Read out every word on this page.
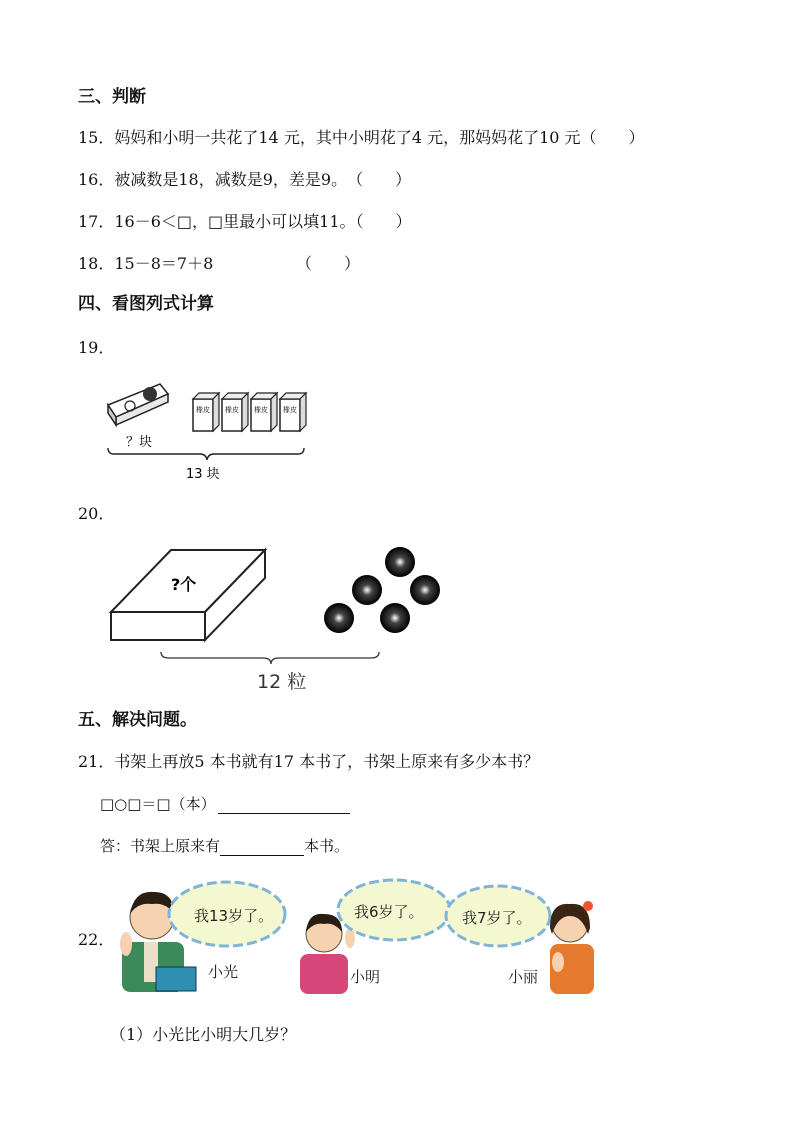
三、判断
15．妈妈和小明一共花了14 元，其中小明花了4 元，那妈妈花了10 元（　　）
16．被减数是18，减数是9，差是9。　（　　）
17．16－6＜□，□里最小可以填11。（　　）
18．15－8＝7＋8	（　　）
四、看图列式计算
19．
？块
橡皮 橡皮 橡皮 橡皮
13 块
20．
?个
12 粒
五、解决问题。
21．书架上再放5 本书就有17 本书了，书架上原来有多少本书？
□○□＝□（本）
答：书架上原来有	本书。
22．
我13岁了。
小光
我6岁了。
小明
我7岁了。
小丽
（1）小光比小明大几岁？
